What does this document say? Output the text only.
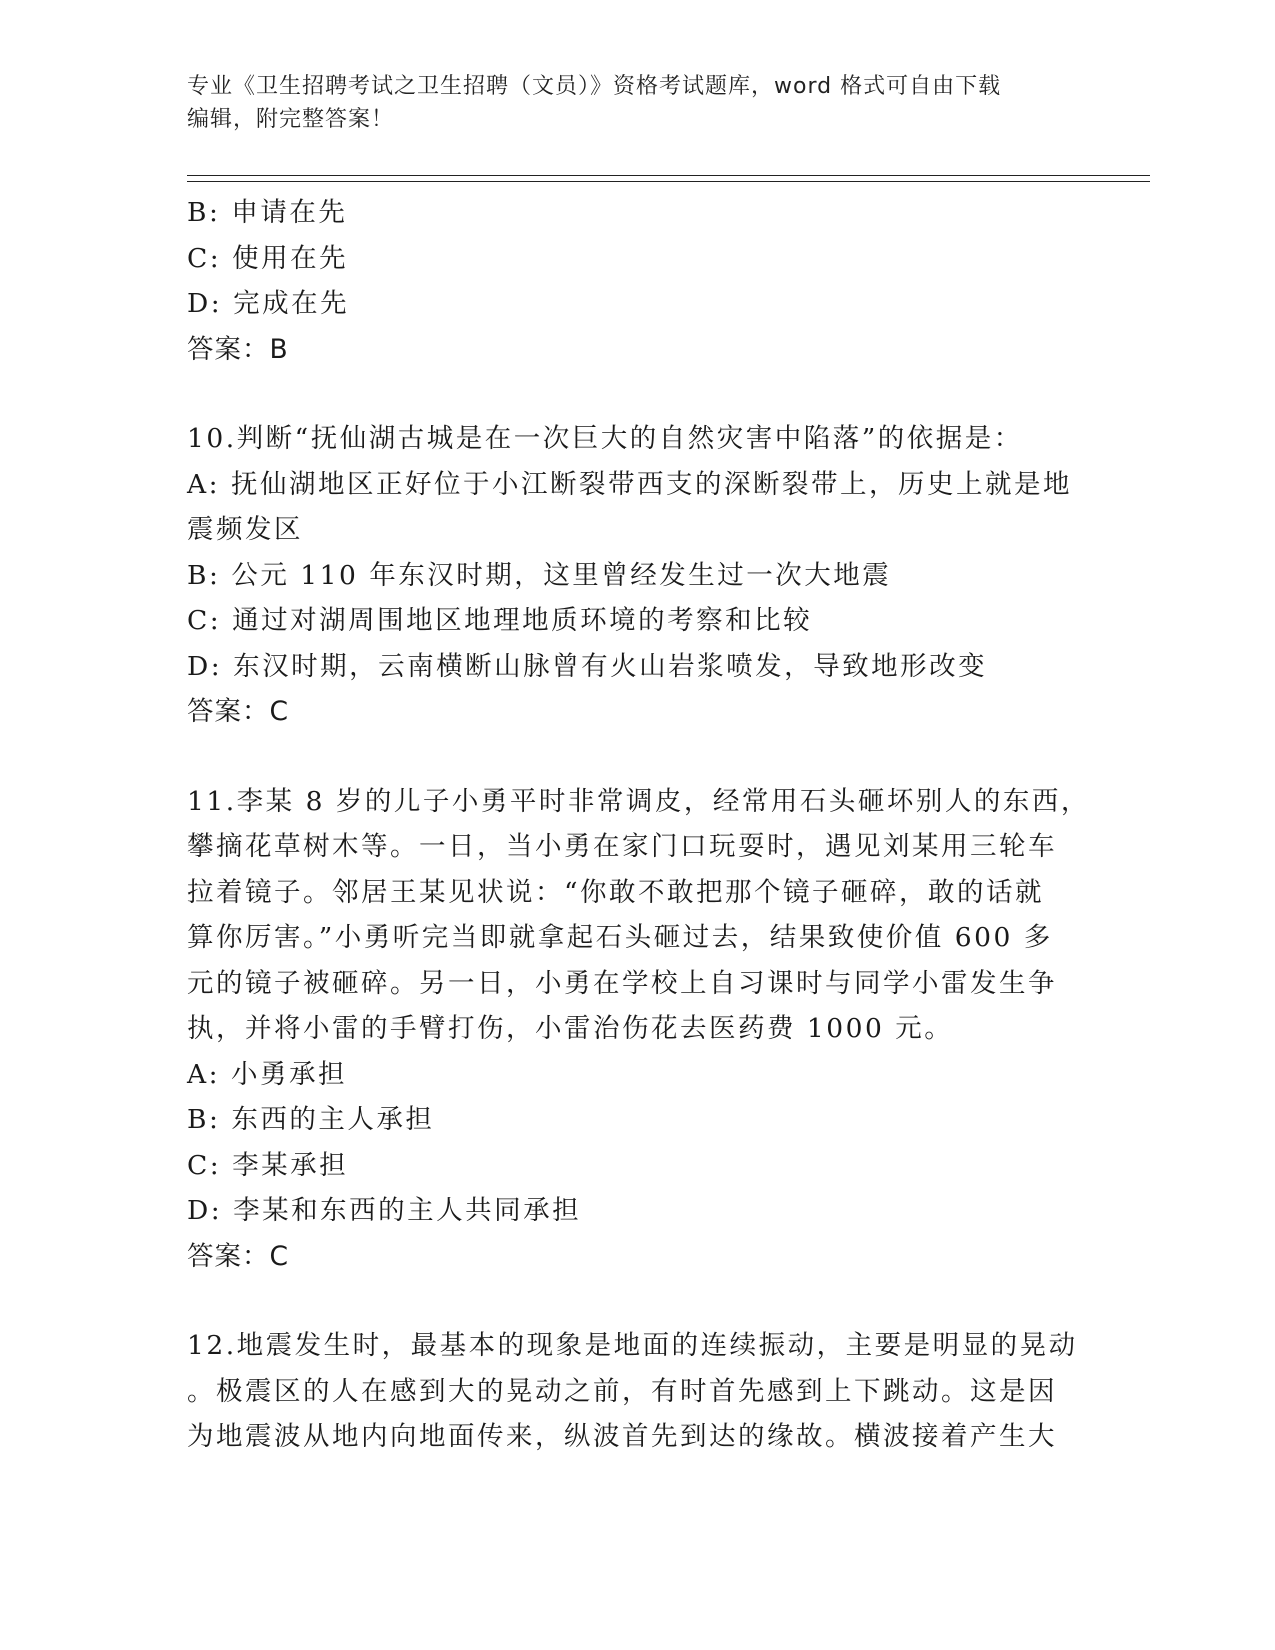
专业《卫生招聘考试之卫生招聘（文员）》资格考试题库，word 格式可自由下载
编辑，附完整答案！
B: 申请在先
C: 使用在先
D: 完成在先
答案：B
10.判断“抚仙湖古城是在一次巨大的自然灾害中陷落”的依据是：
A: 抚仙湖地区正好位于小江断裂带西支的深断裂带上，历史上就是地
震频发区
B: 公元 110 年东汉时期，这里曾经发生过一次大地震
C: 通过对湖周围地区地理地质环境的考察和比较
D: 东汉时期，云南横断山脉曾有火山岩浆喷发，导致地形改变
答案：C
11.李某 8 岁的儿子小勇平时非常调皮，经常用石头砸坏别人的东西，
攀摘花草树木等。一日，当小勇在家门口玩耍时，遇见刘某用三轮车
拉着镜子。邻居王某见状说：“你敢不敢把那个镜子砸碎，敢的话就
算你厉害。”小勇听完当即就拿起石头砸过去，结果致使价值 600 多
元的镜子被砸碎。另一日，小勇在学校上自习课时与同学小雷发生争
执，并将小雷的手臂打伤，小雷治伤花去医药费 1000 元。
A: 小勇承担
B: 东西的主人承担
C: 李某承担
D: 李某和东西的主人共同承担
答案：C
12.地震发生时，最基本的现象是地面的连续振动，主要是明显的晃动
。极震区的人在感到大的晃动之前，有时首先感到上下跳动。这是因
为地震波从地内向地面传来，纵波首先到达的缘故。横波接着产生大
